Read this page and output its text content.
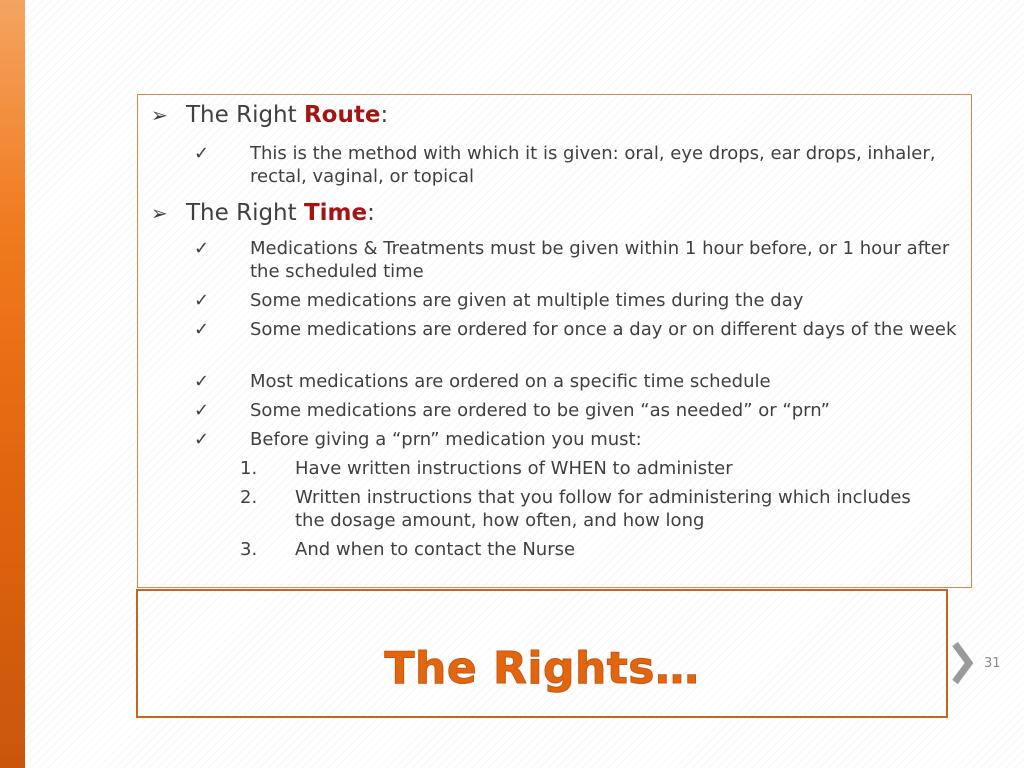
➢ The Right Route:
✓ This is the method with which it is given: oral, eye drops, ear drops, inhaler, rectal, vaginal, or topical
➢ The Right Time:
✓ Medications & Treatments must be given within 1 hour before, or 1 hour after the scheduled time
✓ Some medications are given at multiple times during the day
✓ Some medications are ordered for once a day or on different days of the week
✓ Most medications are ordered on a specific time schedule
✓ Some medications are ordered to be given “as needed” or “prn”
✓ Before giving a “prn” medication you must:
1. Have written instructions of WHEN to administer
2. Written instructions that you follow for administering which includes the dosage amount, how often, and how long
3. And when to contact the Nurse
The Rights…	31
